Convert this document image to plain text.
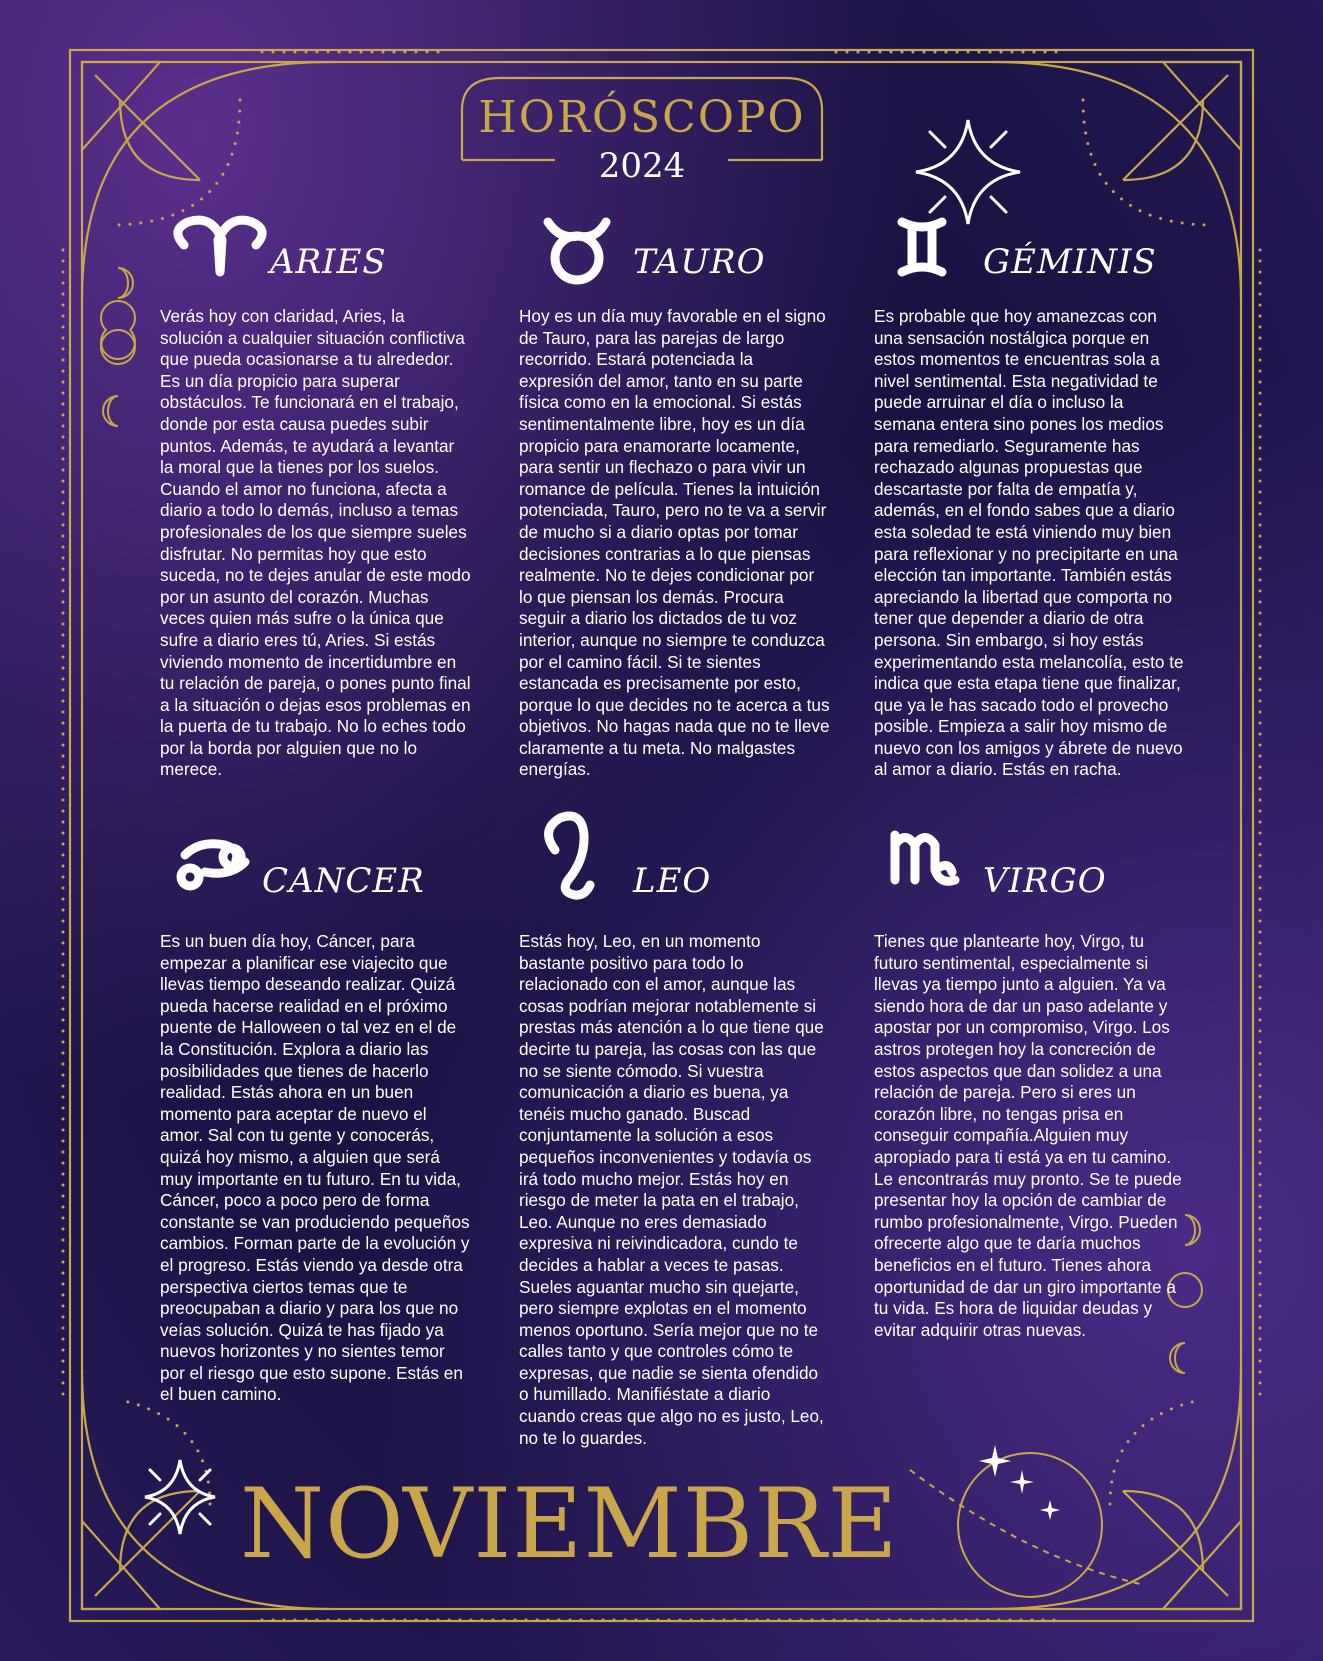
HORÓSCOPO
2024
ARIES
Verás hoy con claridad, Aries, la solución a cualquier situación conflictiva que pueda ocasionarse a tu alrededor. Es un día propicio para superar obstáculos. Te funcionará en el trabajo, donde por esta causa puedes subir puntos. Además, te ayudará a levantar la moral que la tienes por los suelos. Cuando el amor no funciona, afecta a diario a todo lo demás, incluso a temas profesionales de los que siempre sueles disfrutar. No permitas hoy que esto suceda, no te dejes anular de este modo por un asunto del corazón. Muchas veces quien más sufre o la única que sufre a diario eres tú, Aries. Si estás viviendo momento de incertidumbre en tu relación de pareja, o pones punto final a la situación o dejas esos problemas en la puerta de tu trabajo. No lo eches todo por la borda por alguien que no lo merece.
TAURO
Hoy es un día muy favorable en el signo de Tauro, para las parejas de largo recorrido. Estará potenciada la expresión del amor, tanto en su parte física como en la emocional. Si estás sentimentalmente libre, hoy es un día propicio para enamorarte locamente, para sentir un flechazo o para vivir un romance de película. Tienes la intuición potenciada, Tauro, pero no te va a servir de mucho si a diario optas por tomar decisiones contrarias a lo que piensas realmente. No te dejes condicionar por lo que piensan los demás. Procura seguir a diario los dictados de tu voz interior, aunque no siempre te conduzca por el camino fácil. Si te sientes estancada es precisamente por esto, porque lo que decides no te acerca a tus objetivos. No hagas nada que no te lleve claramente a tu meta. No malgastes energías.
GÉMINIS
Es probable que hoy amanezcas con una sensación nostálgica porque en estos momentos te encuentras sola a nivel sentimental. Esta negatividad te puede arruinar el día o incluso la semana entera sino pones los medios para remediarlo. Seguramente has rechazado algunas propuestas que descartaste por falta de empatía y, además, en el fondo sabes que a diario esta soledad te está viniendo muy bien para reflexionar y no precipitarte en una elección tan importante. También estás apreciando la libertad que comporta no tener que depender a diario de otra persona. Sin embargo, si hoy estás experimentando esta melancolía, esto te indica que esta etapa tiene que finalizar, que ya le has sacado todo el provecho posible. Empieza a salir hoy mismo de nuevo con los amigos y ábrete de nuevo al amor a diario. Estás en racha.
CANCER
Es un buen día hoy, Cáncer, para empezar a planificar ese viajecito que llevas tiempo deseando realizar. Quizá pueda hacerse realidad en el próximo puente de Halloween o tal vez en el de la Constitución. Explora a diario las posibilidades que tienes de hacerlo realidad. Estás ahora en un buen momento para aceptar de nuevo el amor. Sal con tu gente y conocerás, quizá hoy mismo, a alguien que será muy importante en tu futuro. En tu vida, Cáncer, poco a poco pero de forma constante se van produciendo pequeños cambios. Forman parte de la evolución y el progreso. Estás viendo ya desde otra perspectiva ciertos temas que te preocupaban a diario y para los que no veías solución. Quizá te has fijado ya nuevos horizontes y no sientes temor por el riesgo que esto supone. Estás en el buen camino.
LEO
Estás hoy, Leo, en un momento bastante positivo para todo lo relacionado con el amor, aunque las cosas podrían mejorar notablemente si prestas más atención a lo que tiene que decirte tu pareja, las cosas con las que no se siente cómodo. Si vuestra comunicación a diario es buena, ya tenéis mucho ganado. Buscad conjuntamente la solución a esos pequeños inconvenientes y todavía os irá todo mucho mejor. Estás hoy en riesgo de meter la pata en el trabajo, Leo. Aunque no eres demasiado expresiva ni reivindicadora, cundo te decides a hablar a veces te pasas. Sueles aguantar mucho sin quejarte, pero siempre explotas en el momento menos oportuno. Sería mejor que no te calles tanto y que controles cómo te expresas, que nadie se sienta ofendido o humillado. Manifiéstate a diario cuando creas que algo no es justo, Leo, no te lo guardes.
VIRGO
Tienes que plantearte hoy, Virgo, tu futuro sentimental, especialmente si llevas ya tiempo junto a alguien. Ya va siendo hora de dar un paso adelante y apostar por un compromiso, Virgo. Los astros protegen hoy la concreción de estos aspectos que dan solidez a una relación de pareja. Pero si eres un corazón libre, no tengas prisa en conseguir compañía.Alguien muy apropiado para ti está ya en tu camino. Le encontrarás muy pronto. Se te puede presentar hoy la opción de cambiar de rumbo profesionalmente, Virgo. Pueden ofrecerte algo que te daría muchos beneficios en el futuro. Tienes ahora oportunidad de dar un giro importante a tu vida. Es hora de liquidar deudas y evitar adquirir otras nuevas.
NOVIEMBRE
